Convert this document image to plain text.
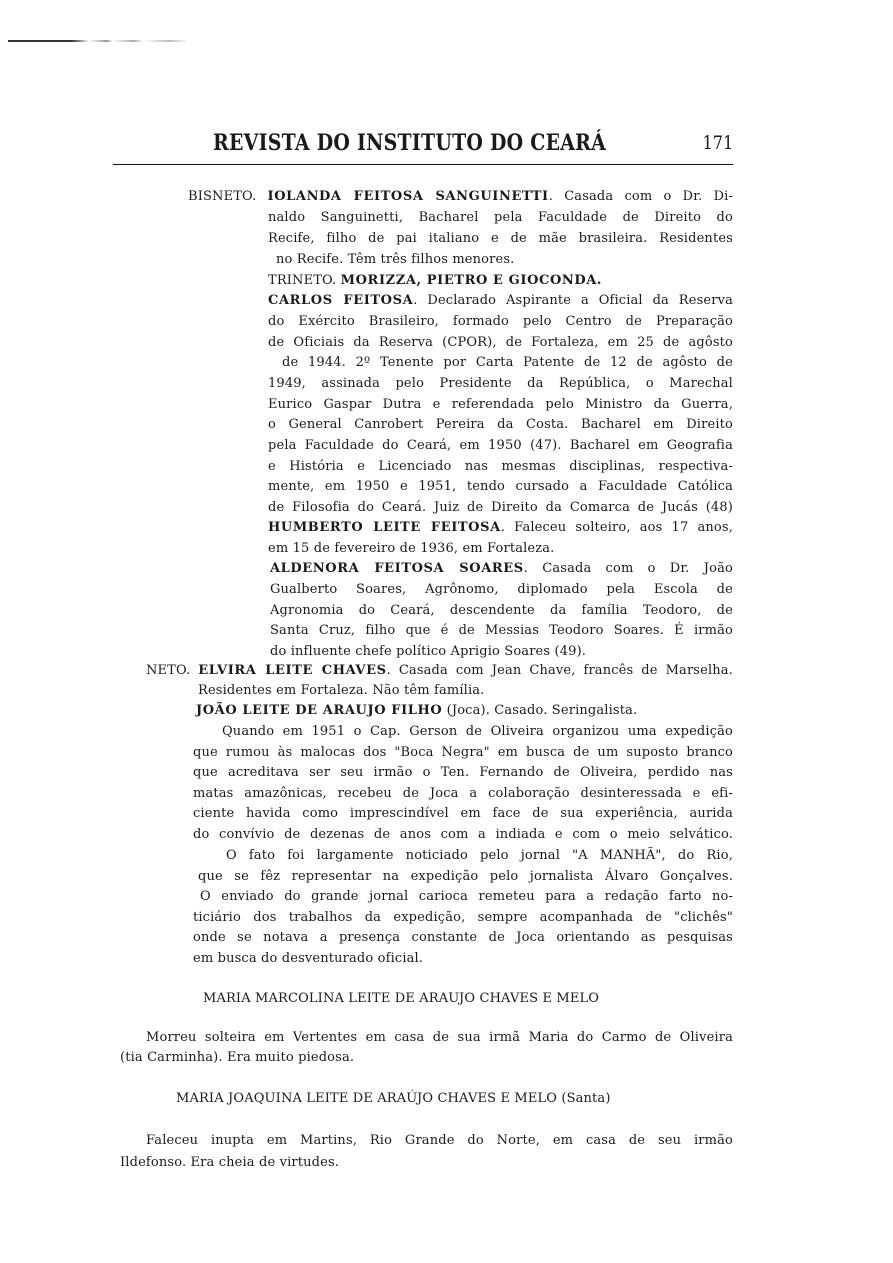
REVISTA DO INSTITUTO DO CEARÁ	171
BISNETO. IOLANDA FEITOSA SANGUINETTI. Casada com o Dr. Di-
naldo Sanguinetti, Bacharel pela Faculdade de Direito do
Recife, filho de pai italiano e de mãe brasileira. Residentes
no Recife. Têm três filhos menores.
TRINETO. MORIZZA, PIETRO E GIOCONDA.
CARLOS FEITOSA. Declarado Aspirante a Oficial da Reserva
do Exército Brasileiro, formado pelo Centro de Preparação
de Oficiais da Reserva (CPOR), de Fortaleza, em 25 de agôsto
de 1944. 2º Tenente por Carta Patente de 12 de agôsto de
1949, assinada pelo Presidente da República, o Marechal
Eurico Gaspar Dutra e referendada pelo Ministro da Guerra,
o General Canrobert Pereira da Costa. Bacharel em Direito
pela Faculdade do Ceará, em 1950 (47). Bacharel em Geografia
e História e Licenciado nas mesmas disciplinas, respectiva-
mente, em 1950 e 1951, tendo cursado a Faculdade Católica
de Filosofia do Ceará. Juiz de Direito da Comarca de Jucás (48)
HUMBERTO LEITE FEITOSA. Faleceu solteiro, aos 17 anos,
em 15 de fevereiro de 1936, em Fortaleza.
ALDENORA FEITOSA SOARES. Casada com o Dr. João
Gualberto Soares, Agrônomo, diplomado pela Escola de
Agronomia do Ceará, descendente da família Teodoro, de
Santa Cruz, filho que é de Messias Teodoro Soares. É irmão
do influente chefe político Aprigio Soares (49).
NETO. ELVIRA LEITE CHAVES. Casada com Jean Chave, francês de Marselha.
Residentes em Fortaleza. Não têm família.
JOÃO LEITE DE ARAUJO FILHO (Joca). Casado. Seringalista.
Quando em 1951 o Cap. Gerson de Oliveira organizou uma expedição
que rumou às malocas dos "Boca Negra" em busca de um suposto branco
que acreditava ser seu irmão o Ten. Fernando de Oliveira, perdido nas
matas amazônicas, recebeu de Joca a colaboração desinteressada e efi-
ciente havida como imprescindível em face de sua experiência, aurida
do convívio de dezenas de anos com a indiada e com o meio selvático.
O fato foi largamente noticiado pelo jornal "A MANHÃ", do Rio,
que se fêz representar na expedição pelo jornalista Álvaro Gonçalves.
O enviado do grande jornal carioca remeteu para a redação farto no-
ticiário dos trabalhos da expedição, sempre acompanhada de "clichês"
onde se notava a presença constante de Joca orientando as pesquisas
em busca do desventurado oficial.
MARIA MARCOLINA LEITE DE ARAUJO CHAVES E MELO
Morreu solteira em Vertentes em casa de sua irmã Maria do Carmo de Oliveira
(tia Carminha). Era muito piedosa.
MARIA JOAQUINA LEITE DE ARAÚJO CHAVES E MELO (Santa)
Faleceu inupta em Martins, Rio Grande do Norte, em casa de seu irmão
Ildefonso. Era cheia de virtudes.
